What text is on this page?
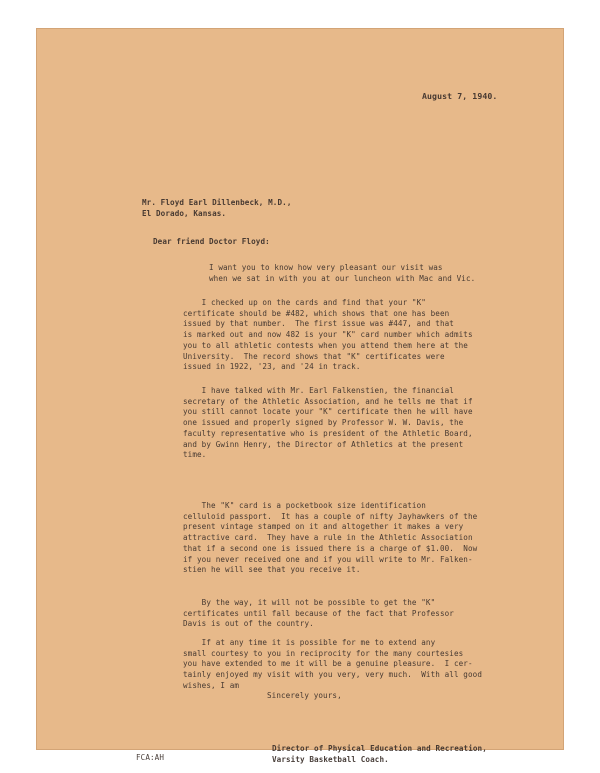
August 7, 1940.
Mr. Floyd Earl Dillenbeck, M.D.,
El Dorado, Kansas.
Dear friend Doctor Floyd:
I want you to know how very pleasant our visit was
when we sat in with you at our luncheon with Mac and Vic.
I checked up on the cards and find that your "K"
certificate should be #482, which shows that one has been
issued by that number.  The first issue was #447, and that
is marked out and now 482 is your "K" card number which admits
you to all athletic contests when you attend them here at the
University.  The record shows that "K" certificates were
issued in 1922, '23, and '24 in track.
I have talked with Mr. Earl Falkenstien, the financial
secretary of the Athletic Association, and he tells me that if
you still cannot locate your "K" certificate then he will have
one issued and properly signed by Professor W. W. Davis, the
faculty representative who is president of the Athletic Board,
and by Gwinn Henry, the Director of Athletics at the present
time.
The "K" card is a pocketbook size identification
celluloid passport.  It has a couple of nifty Jayhawkers of the
present vintage stamped on it and altogether it makes a very
attractive card.  They have a rule in the Athletic Association
that if a second one is issued there is a charge of $1.00.  Now
if you never received one and if you will write to Mr. Falken-
stien he will see that you receive it.
By the way, it will not be possible to get the "K"
certificates until fall because of the fact that Professor
Davis is out of the country.
If at any time it is possible for me to extend any
small courtesy to you in reciprocity for the many courtesies
you have extended to me it will be a genuine pleasure.  I cer-
tainly enjoyed my visit with you very, very much.  With all good
wishes, I am
Sincerely yours,
FCA:AH
Director of Physical Education and Recreation,
Varsity Basketball Coach.
